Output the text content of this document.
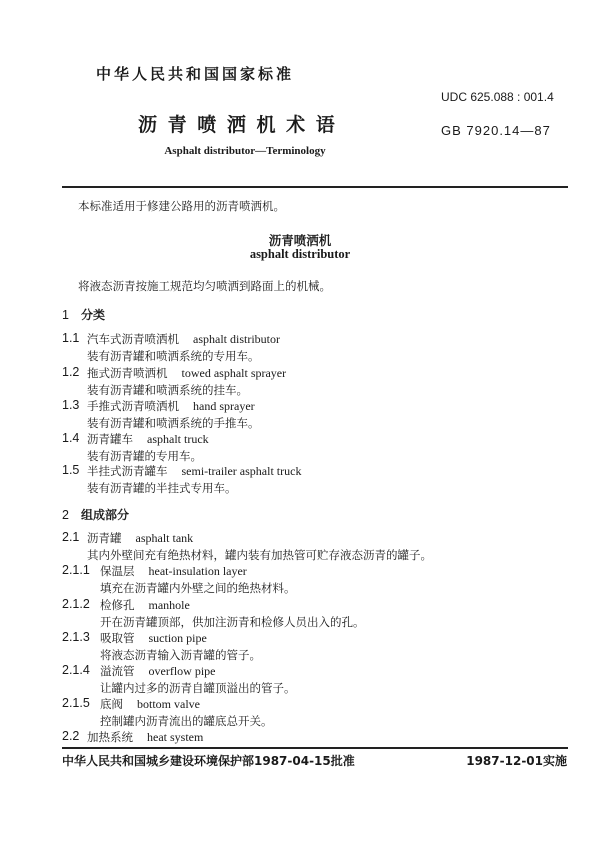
中华人民共和国国家标准
沥 青 喷 洒 机 术 语
Asphalt distributor—Terminology
UDC 625.088 : 001.4
GB 7920.14—87
本标准适用于修建公路用的沥青喷洒机。
沥青喷洒机
asphalt distributor
将液态沥青按施工规范均匀喷洒到路面上的机械。
1 分类
1.1 汽车式沥青喷洒机 asphalt distributor
装有沥青罐和喷洒系统的专用车。
1.2 拖式沥青喷洒机 towed asphalt sprayer
装有沥青罐和喷洒系统的挂车。
1.3 手推式沥青喷洒机 hand sprayer
装有沥青罐和喷洒系统的手推车。
1.4 沥青罐车 asphalt truck
装有沥青罐的专用车。
1.5 半挂式沥青罐车 semi-trailer asphalt truck
装有沥青罐的半挂式专用车。
2 组成部分
2.1 沥青罐 asphalt tank
其内外壁间充有绝热材料，罐内装有加热管可贮存液态沥青的罐子。
2.1.1 保温层 heat-insulation layer
填充在沥青罐内外壁之间的绝热材料。
2.1.2 检修孔 manhole
开在沥青罐顶部，供加注沥青和检修人员出入的孔。
2.1.3 吸取管 suction pipe
将液态沥青输入沥青罐的管子。
2.1.4 溢流管 overflow pipe
让罐内过多的沥青自罐顶溢出的管子。
2.1.5 底阀 bottom valve
控制罐内沥青流出的罐底总开关。
2.2 加热系统 heat system
中华人民共和国城乡建设环境保护部1987-04-15批准	1987-12-01实施
